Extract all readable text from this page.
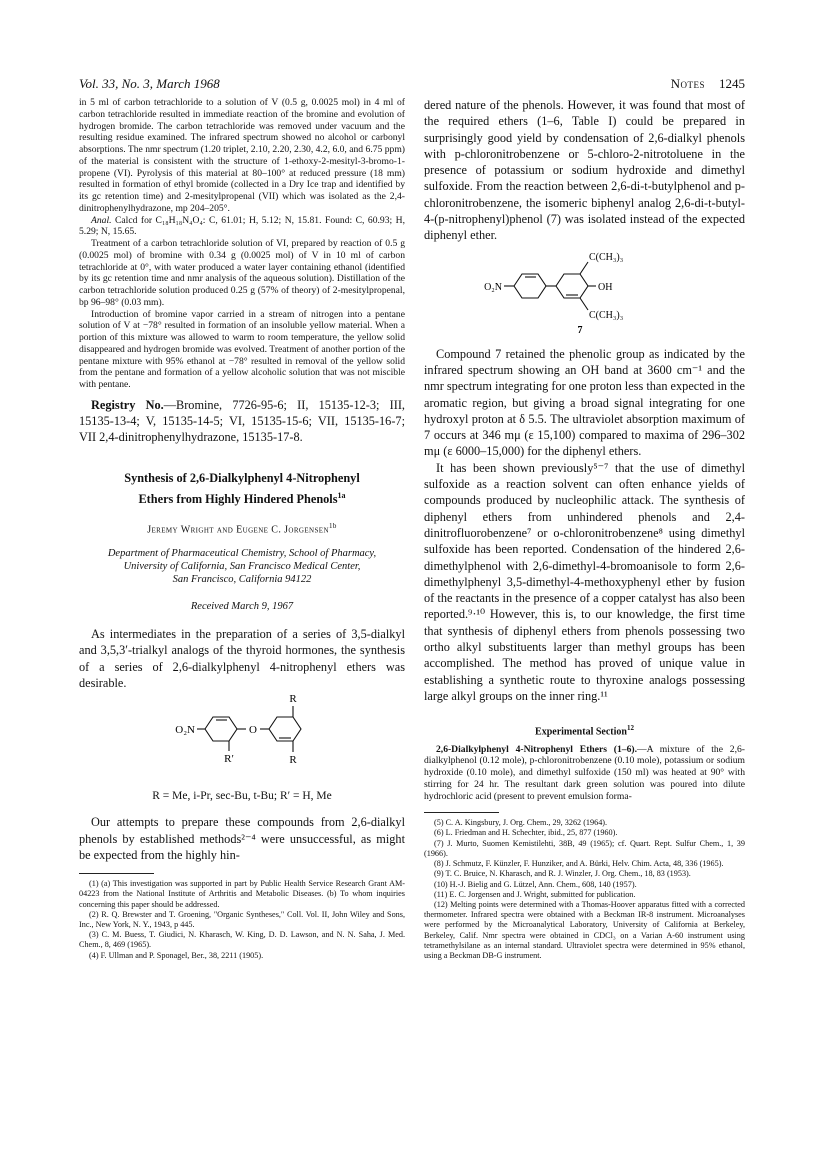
Vol. 33, No. 3, March 1968	Notes 1245

in 5 ml of carbon tetrachloride to a solution of V (0.5 g, 0.0025 mol) in 4 ml of carbon tetrachloride resulted in immediate reaction of the bromine and evolution of hydrogen bromide. The carbon tetrachloride was removed under vacuum and the resulting residue examined. The infrared spectrum showed no alcohol or carbonyl absorptions. The nmr spectrum (1.20 triplet, 2.10, 2.20, 2.30, 4.2, 6.0, and 6.75 ppm) of the material is consistent with the structure of 1-ethoxy-2-mesityl-3-bromo-1-propene (VI). Pyrolysis of this material at 80–100° at reduced pressure (18 mm) resulted in formation of ethyl bromide (collected in a Dry Ice trap and identified by its gc retention time) and 2-mesitylpropenal (VII) which was isolated as the 2,4-dinitrophenylhydrazone, mp 204–205°.

Anal. Calcd for C₁₈H₁₈N₄O₄: C, 61.01; H, 5.12; N, 15.81. Found: C, 60.93; H, 5.29; N, 15.65.

Treatment of a carbon tetrachloride solution of VI, prepared by reaction of 0.5 g (0.0025 mol) of bromine with 0.34 g (0.0025 mol) of V in 10 ml of carbon tetrachloride at 0°, with water produced a water layer containing ethanol (identified by its gc retention time and nmr analysis of the aqueous solution). Distillation of the carbon tetrachloride solution produced 0.25 g (57% of theory) of 2-mesitylpropenal, bp 96–98° (0.03 mm).

Introduction of bromine vapor carried in a stream of nitrogen into a pentane solution of V at −78° resulted in formation of an insoluble yellow material. When a portion of this mixture was allowed to warm to room temperature, the yellow solid disappeared and hydrogen bromide was evolved. Treatment of another portion of the pentane mixture with 95% ethanol at −78° resulted in removal of the yellow solid from the pentane and formation of a yellow alcoholic solution that was not miscible with pentane.

Registry No.—Bromine, 7726-95-6; II, 15135-12-3; III, 15135-13-4; V, 15135-14-5; VI, 15135-15-6; VII, 15135-16-7; VII 2,4-dinitrophenylhydrazone, 15135-17-8.

Synthesis of 2,6-Dialkylphenyl 4-Nitrophenyl
Ethers from Highly Hindered Phenols$^{1a}$
Jeremy Wright and Eugene C. Jorgensen$^{1b}$
Department of Pharmaceutical Chemistry, School of Pharmacy,
University of California, San Francisco Medical Center,
San Francisco, California 94122
Received March 9, 1967

As intermediates in the preparation of a series of 3,5-dialkyl and 3,5,3′-trialkyl analogs of the thyroid hormones, the synthesis of a series of 2,6-dialkylphenyl 4-nitrophenyl ethers was desirable.

O₂N	O
R
R′	R
R = Me, i-Pr, sec-Bu, t-Bu; R′ = H, Me

Our attempts to prepare these compounds from 2,6-dialkyl phenols by established methods²⁻⁴ were unsuccessful, as might be expected from the highly hin-

(1) (a) This investigation was supported in part by Public Health Service Research Grant AM-04223 from the National Institute of Arthritis and Metabolic Diseases. (b) To whom inquiries concerning this paper should be addressed.

(2) R. Q. Brewster and T. Groening, "Organic Syntheses," Coll. Vol. II, John Wiley and Sons, Inc., New York, N. Y., 1943, p 445.

(3) C. M. Buess, T. Giudici, N. Kharasch, W. King, D. D. Lawson, and N. N. Saha, J. Med. Chem., 8, 469 (1965).

(4) F. Ullman and P. Sponagel, Ber., 38, 2211 (1905).

dered nature of the phenols. However, it was found that most of the required ethers (1–6, Table I) could be prepared in surprisingly good yield by condensation of 2,6-dialkyl phenols with p-chloronitrobenzene or 5-chloro-2-nitrotoluene in the presence of potassium or sodium hydroxide and dimethyl sulfoxide. From the reaction between 2,6-di-t-butylphenol and p-chloronitrobenzene, the isomeric biphenyl analog 2,6-di-t-butyl-4-(p-nitrophenyl)phenol (7) was isolated instead of the expected diphenyl ether.

O₂N
C(CH₃)₃
OH
C(CH₃)₃
7

Compound 7 retained the phenolic group as indicated by the infrared spectrum showing an OH band at 3600 cm⁻¹ and the nmr spectrum integrating for one proton less than expected in the aromatic region, but giving a broad signal integrating for one hydroxyl proton at δ 5.5. The ultraviolet absorption maximum of 7 occurs at 346 mμ (ε 15,100) compared to maxima of 296–302 mμ (ε 6000–15,000) for the diphenyl ethers.

It has been shown previously⁵⁻⁷ that the use of dimethyl sulfoxide as a reaction solvent can often enhance yields of compounds produced by nucleophilic attack. The synthesis of diphenyl ethers from unhindered phenols and 2,4-dinitrofluorobenzene⁷ or o-chloronitrobenzene⁸ using dimethyl sulfoxide has been reported. Condensation of the hindered 2,6-dimethylphenol with 2,6-dimethyl-4-bromoanisole to form 2,6-dimethylphenyl 3,5-dimethyl-4-methoxyphenyl ether by fusion of the reactants in the presence of a copper catalyst has also been reported.⁹·¹⁰ However, this is, to our knowledge, the first time that synthesis of diphenyl ethers from phenols possessing two ortho alkyl substituents larger than methyl groups has been accomplished. The method has proved of unique value in establishing a synthetic route to thyroxine analogs possessing large alkyl groups on the inner ring.¹¹

Experimental Section$^{12}$

2,6-Dialkylphenyl 4-Nitrophenyl Ethers (1–6).—A mixture of the 2,6-dialkylphenol (0.12 mole), p-chloronitrobenzene (0.10 mole), potassium or sodium hydroxide (0.10 mole), and dimethyl sulfoxide (150 ml) was heated at 90° with stirring for 24 hr. The resultant dark green solution was poured into dilute hydrochloric acid (present to prevent emulsion forma-

(5) C. A. Kingsbury, J. Org. Chem., 29, 3262 (1964).

(6) L. Friedman and H. Schechter, ibid., 25, 877 (1960).

(7) J. Murto, Suomen Kemistilehti, 38B, 49 (1965); cf. Quart. Rept. Sulfur Chem., 1, 39 (1966).

(8) J. Schmutz, F. Künzler, F. Hunziker, and A. Bürki, Helv. Chim. Acta, 48, 336 (1965).

(9) T. C. Bruice, N. Kharasch, and R. J. Winzler, J. Org. Chem., 18, 83 (1953).

(10) H.-J. Bielig and G. Lützel, Ann. Chem., 608, 140 (1957).

(11) E. C. Jorgensen and J. Wright, submitted for publication.

(12) Melting points were determined with a Thomas-Hoover apparatus fitted with a corrected thermometer. Infrared spectra were obtained with a Beckman IR-8 instrument. Microanalyses were performed by the Microanalytical Laboratory, University of California at Berkeley, Berkeley, Calif. Nmr spectra were obtained in CDCl₃ on a Varian A-60 instrument using tetramethylsilane as an internal standard. Ultraviolet spectra were determined in 95% ethanol, using a Beckman DB-G instrument.
